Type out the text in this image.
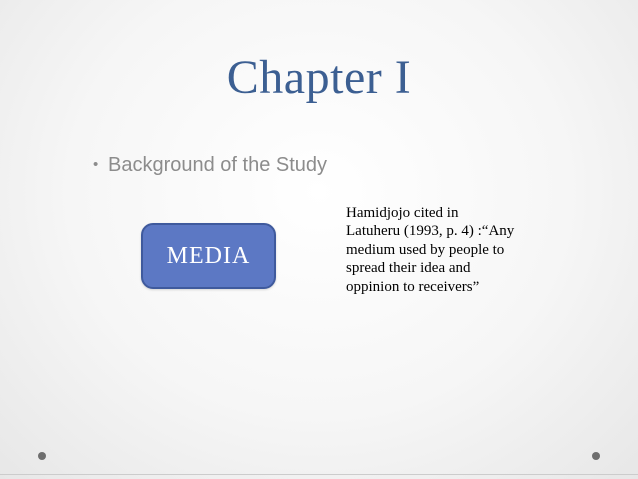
Chapter I
• Background of the Study
MEDIA
Hamidjojo cited in
Latuheru (1993, p. 4) :“Any
medium used by people to
spread their idea and
oppinion to receivers”
